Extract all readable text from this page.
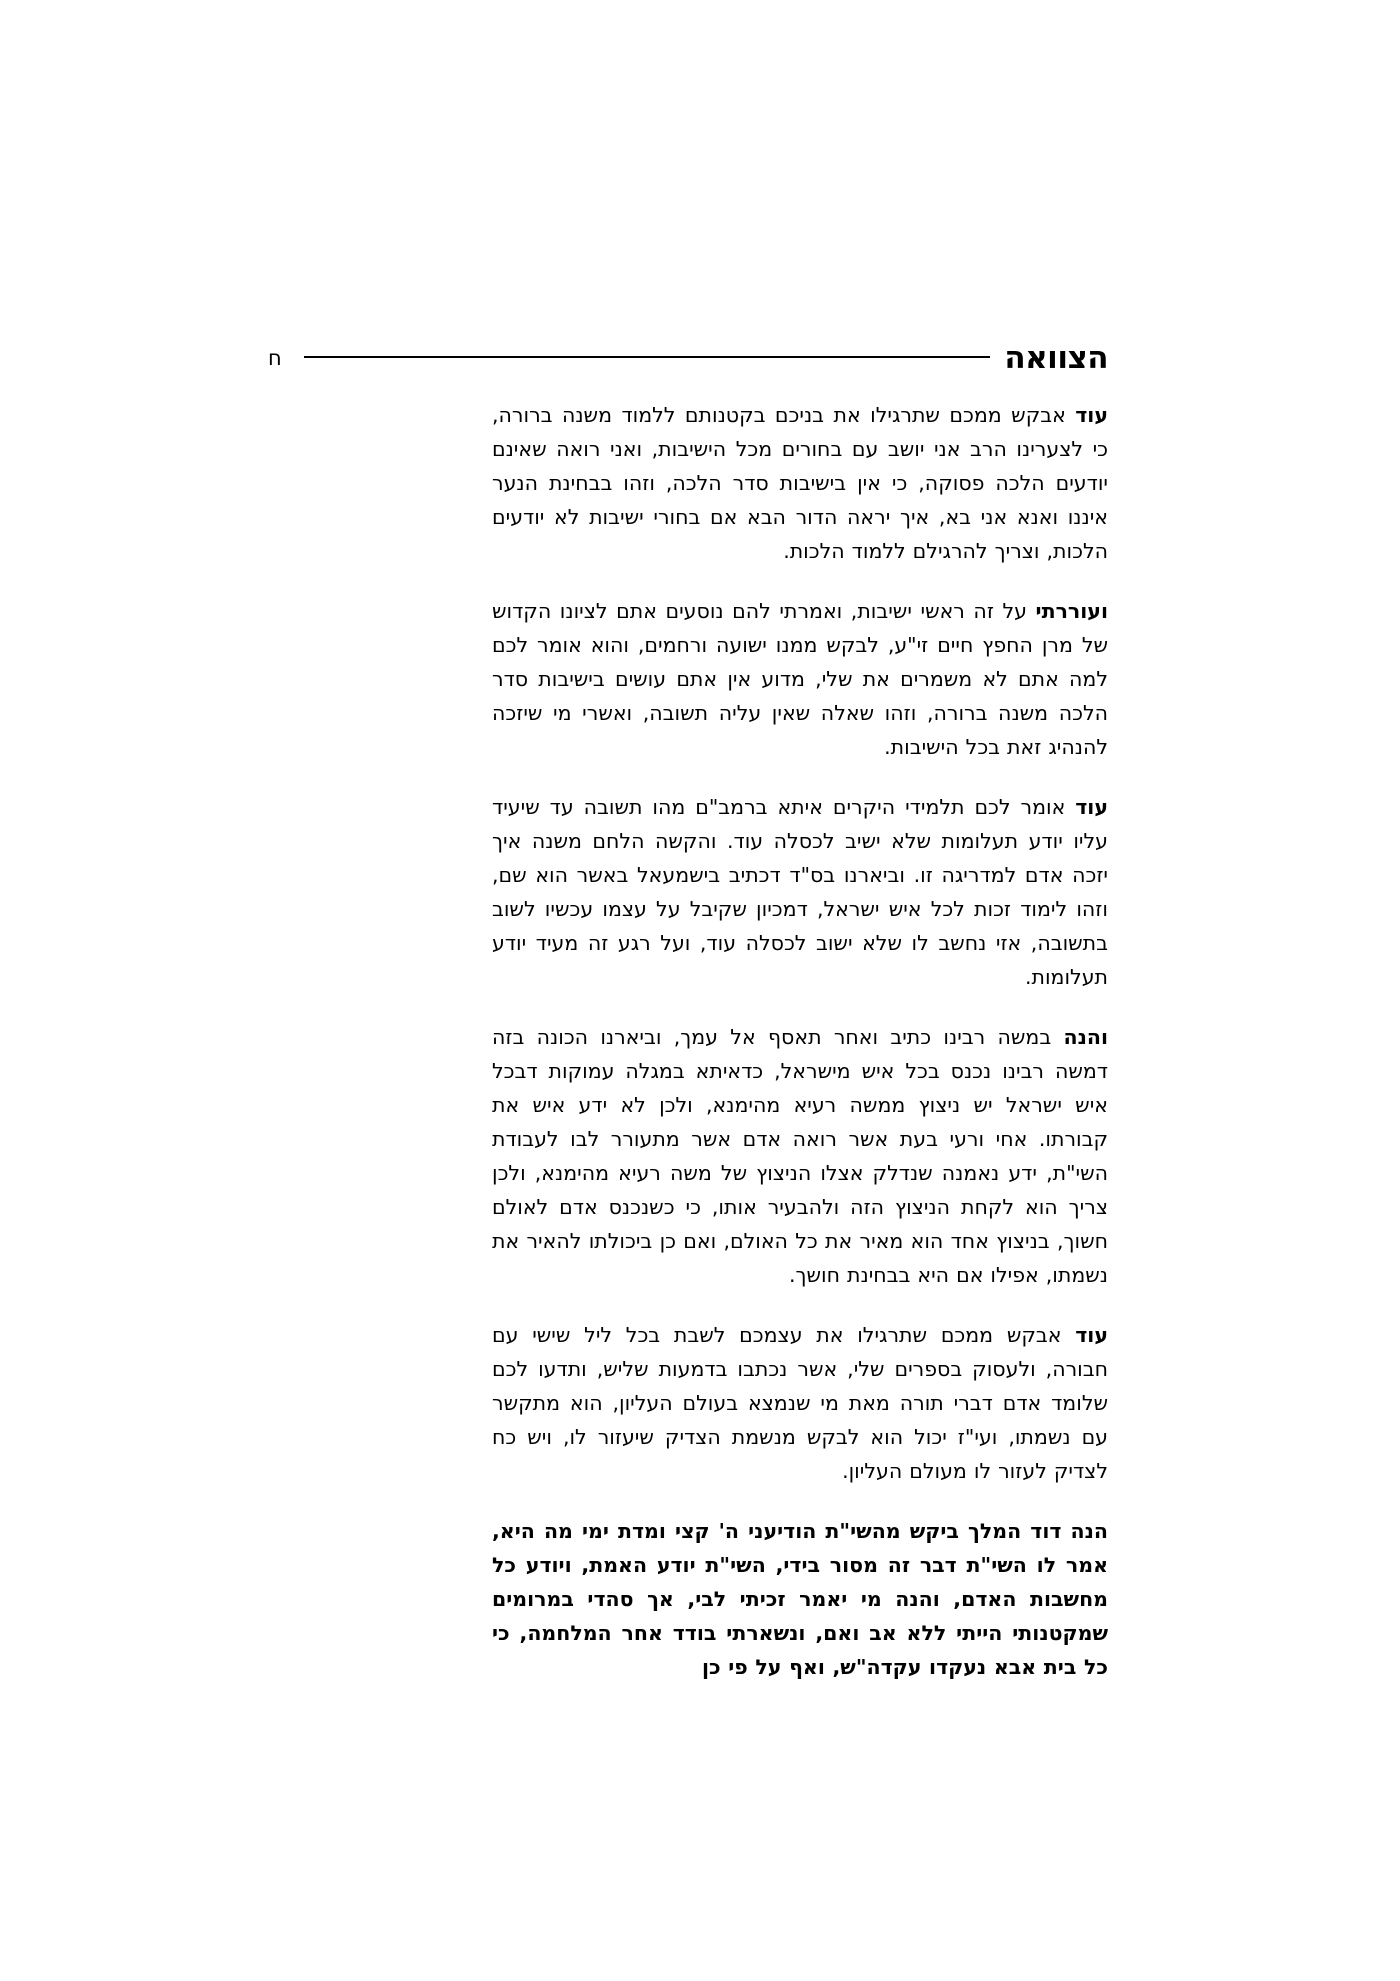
הצוואה
ח

עוד אבקש ממכם שתרגילו את בניכם בקטנותם ללמוד משנה ברורה, כי לצערינו הרב אני יושב עם בחורים מכל הישיבות, ואני רואה שאינם יודעים הלכה פסוקה, כי אין בישיבות סדר הלכה, וזהו בבחינת הנער איננו ואנא אני בא, איך יראה הדור הבא אם בחורי ישיבות לא יודעים הלכות, וצריך להרגילם ללמוד הלכות.

ועוררתי על זה ראשי ישיבות, ואמרתי להם נוסעים אתם לציונו הקדוש של מרן החפץ חיים זי"ע, לבקש ממנו ישועה ורחמים, והוא אומר לכם למה אתם לא משמרים את שלי, מדוע אין אתם עושים בישיבות סדר הלכה משנה ברורה, וזהו שאלה שאין עליה תשובה, ואשרי מי שיזכה להנהיג זאת בכל הישיבות.

עוד אומר לכם תלמידי היקרים איתא ברמב"ם מהו תשובה עד שיעיד עליו יודע תעלומות שלא ישיב לכסלה עוד. והקשה הלחם משנה איך יזכה אדם למדריגה זו. וביארנו בס"ד דכתיב בישמעאל באשר הוא שם, וזהו לימוד זכות לכל איש ישראל, דמכיון שקיבל על עצמו עכשיו לשוב בתשובה, אזי נחשב לו שלא ישוב לכסלה עוד, ועל רגע זה מעיד יודע תעלומות.

והנה במשה רבינו כתיב ואחר תאסף אל עמך, וביארנו הכונה בזה דמשה רבינו נכנס בכל איש מישראל, כדאיתא במגלה עמוקות דבכל איש ישראל יש ניצוץ ממשה רעיא מהימנא, ולכן לא ידע איש את קבורתו. אחי ורעי בעת אשר רואה אדם אשר מתעורר לבו לעבודת השי"ת, ידע נאמנה שנדלק אצלו הניצוץ של משה רעיא מהימנא, ולכן צריך הוא לקחת הניצוץ הזה ולהבעיר אותו, כי כשנכנס אדם לאולם חשוך, בניצוץ אחד הוא מאיר את כל האולם, ואם כן ביכולתו להאיר את נשמתו, אפילו אם היא בבחינת חושך.

עוד אבקש ממכם שתרגילו את עצמכם לשבת בכל ליל שישי עם חבורה, ולעסוק בספרים שלי, אשר נכתבו בדמעות שליש, ותדעו לכם שלומד אדם דברי תורה מאת מי שנמצא בעולם העליון, הוא מתקשר עם נשמתו, ועי"ז יכול הוא לבקש מנשמת הצדיק שיעזור לו, ויש כח לצדיק לעזור לו מעולם העליון.

הנה דוד המלך ביקש מהשי"ת הודיעני ה' קצי ומדת ימי מה היא, אמר לו השי"ת דבר זה מסור בידי, השי"ת יודע האמת, ויודע כל מחשבות האדם, והנה מי יאמר זכיתי לבי, אך סהדי במרומים שמקטנותי הייתי ללא אב ואם, ונשארתי בודד אחר המלחמה, כי כל בית אבא נעקדו עקדה"ש, ואף על פי כן
